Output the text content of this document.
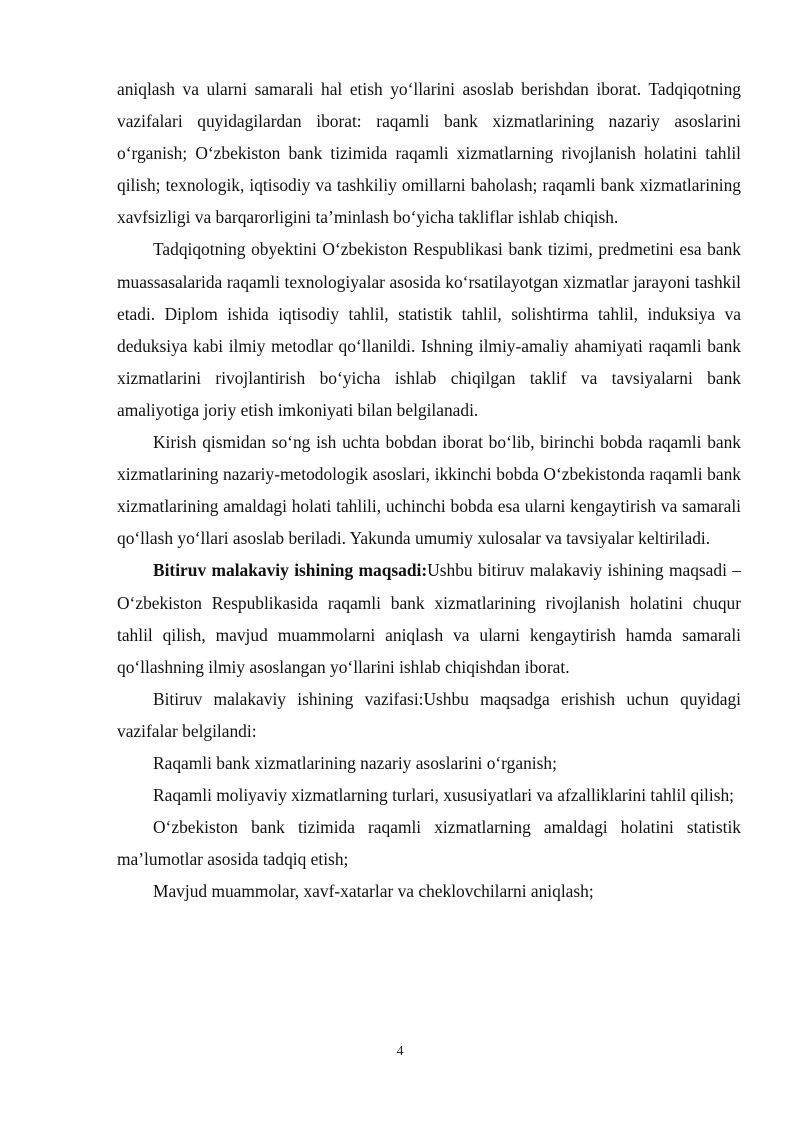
aniqlash va ularni samarali hal etish yo‘llarini asoslab berishdan iborat. Tadqiqotning vazifalari quyidagilardan iborat: raqamli bank xizmatlarining nazariy asoslarini o‘rganish; O‘zbekiston bank tizimida raqamli xizmatlarning rivojlanish holatini tahlil qilish; texnologik, iqtisodiy va tashkiliy omillarni baholash; raqamli bank xizmatlarining xavfsizligi va barqarorligini ta’minlash bo‘yicha takliflar ishlab chiqish.

Tadqiqotning obyektini O‘zbekiston Respublikasi bank tizimi, predmetini esa bank muassasalarida raqamli texnologiyalar asosida ko‘rsatilayotgan xizmatlar jarayoni tashkil etadi. Diplom ishida iqtisodiy tahlil, statistik tahlil, solishtirma tahlil, induksiya va deduksiya kabi ilmiy metodlar qo‘llanildi. Ishning ilmiy-amaliy ahamiyati raqamli bank xizmatlarini rivojlantirish bo‘yicha ishlab chiqilgan taklif va tavsiyalarni bank amaliyotiga joriy etish imkoniyati bilan belgilanadi.

Kirish qismidan so‘ng ish uchta bobdan iborat bo‘lib, birinchi bobda raqamli bank xizmatlarining nazariy-metodologik asoslari, ikkinchi bobda O‘zbekistonda raqamli bank xizmatlarining amaldagi holati tahlili, uchinchi bobda esa ularni kengaytirish va samarali qo‘llash yo‘llari asoslab beriladi. Yakunda umumiy xulosalar va tavsiyalar keltiriladi.

Bitiruv malakaviy ishining maqsadi:Ushbu bitiruv malakaviy ishining maqsadi – O‘zbekiston Respublikasida raqamli bank xizmatlarining rivojlanish holatini chuqur tahlil qilish, mavjud muammolarni aniqlash va ularni kengaytirish hamda samarali qo‘llashning ilmiy asoslangan yo‘llarini ishlab chiqishdan iborat.

Bitiruv malakaviy ishining vazifasi:Ushbu maqsadga erishish uchun quyidagi vazifalar belgilandi:

Raqamli bank xizmatlarining nazariy asoslarini o‘rganish;

Raqamli moliyaviy xizmatlarning turlari, xususiyatlari va afzalliklarini tahlil qilish;

O‘zbekiston bank tizimida raqamli xizmatlarning amaldagi holatini statistik ma’lumotlar asosida tadqiq etish;

Mavjud muammolar, xavf-xatarlar va cheklovchilarni aniqlash;

4
